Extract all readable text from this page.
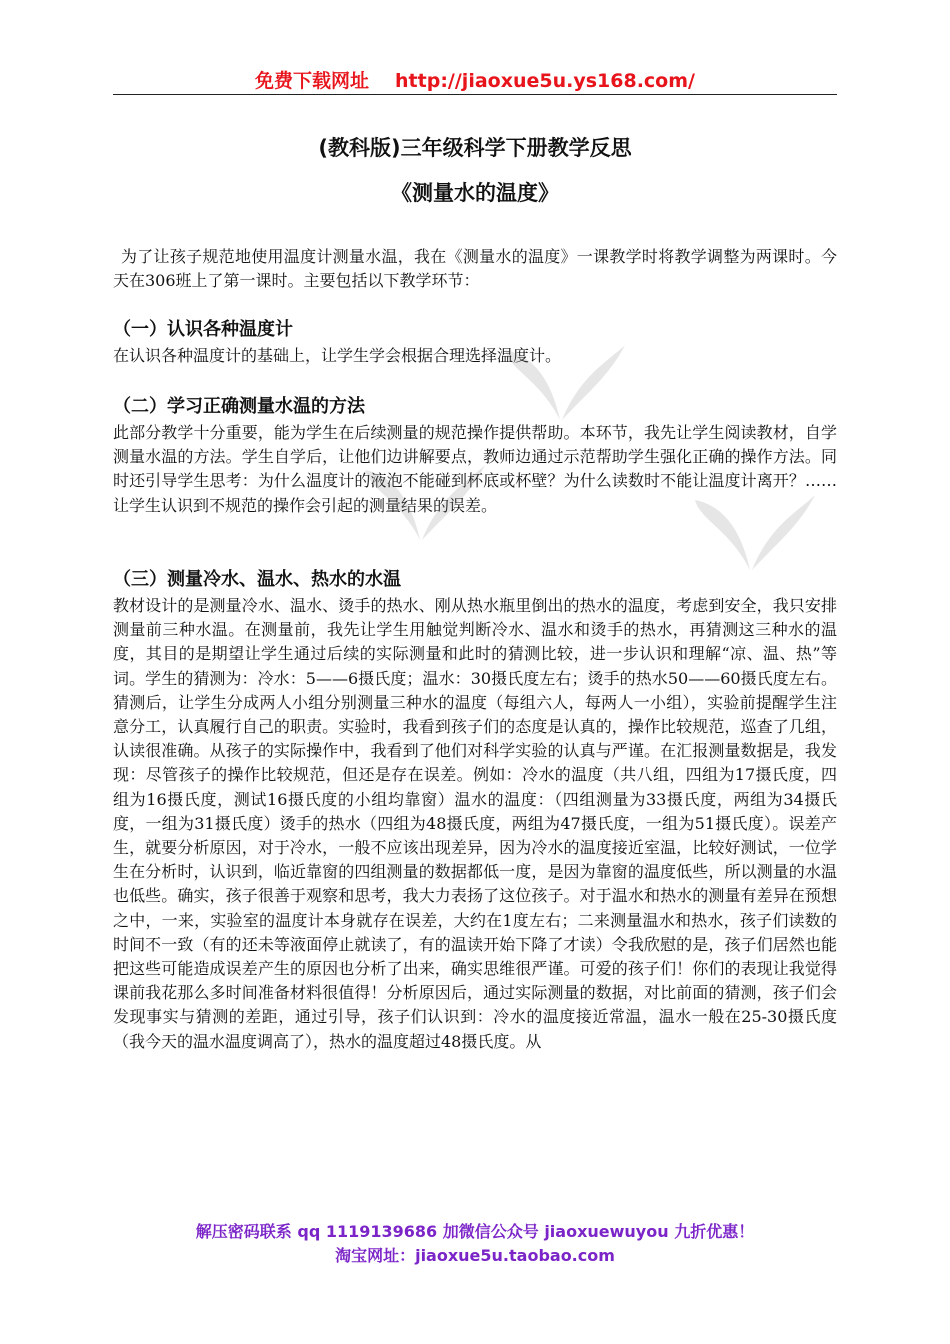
免费下载网址 http://jiaoxue5u.ys168.com/
(教科版)三年级科学下册教学反思
《测量水的温度》

为了让孩子规范地使用温度计测量水温，我在《测量水的温度》一课教学时将教学调整为两课时。今天在306班上了第一课时。主要包括以下教学环节：

（一）认识各种温度计

在认识各种温度计的基础上，让学生学会根据合理选择温度计。

（二）学习正确测量水温的方法

此部分教学十分重要，能为学生在后续测量的规范操作提供帮助。本环节，我先让学生阅读教材，自学测量水温的方法。学生自学后，让他们边讲解要点，教师边通过示范帮助学生强化正确的操作方法。同时还引导学生思考：为什么温度计的液泡不能碰到杯底或杯壁？为什么读数时不能让温度计离开？……让学生认识到不规范的操作会引起的测量结果的误差。

（三）测量冷水、温水、热水的水温

教材设计的是测量冷水、温水、烫手的热水、刚从热水瓶里倒出的热水的温度，考虑到安全，我只安排测量前三种水温。在测量前，我先让学生用触觉判断冷水、温水和烫手的热水，再猜测这三种水的温度，其目的是期望让学生通过后续的实际测量和此时的猜测比较，进一步认识和理解“凉、温、热”等词。学生的猜测为：冷水：5——6摄氏度；温水：30摄氏度左右；烫手的热水50——60摄氏度左右。猜测后，让学生分成两人小组分别测量三种水的温度（每组六人，每两人一小组），实验前提醒学生注意分工，认真履行自己的职责。实验时，我看到孩子们的态度是认真的，操作比较规范，巡查了几组，认读很准确。从孩子的实际操作中，我看到了他们对科学实验的认真与严谨。在汇报测量数据是，我发现：尽管孩子的操作比较规范，但还是存在误差。例如：冷水的温度（共八组，四组为17摄氏度，四组为16摄氏度，测试16摄氏度的小组均靠窗）温水的温度：（四组测量为33摄氏度，两组为34摄氏度，一组为31摄氏度）烫手的热水（四组为48摄氏度，两组为47摄氏度，一组为51摄氏度）。误差产生，就要分析原因，对于冷水，一般不应该出现差异，因为冷水的温度接近室温，比较好测试，一位学生在分析时，认识到，临近靠窗的四组测量的数据都低一度，是因为靠窗的温度低些，所以测量的水温也低些。确实，孩子很善于观察和思考，我大力表扬了这位孩子。对于温水和热水的测量有差异在预想之中，一来，实验室的温度计本身就存在误差，大约在1度左右；二来测量温水和热水，孩子们读数的时间不一致（有的还未等液面停止就读了，有的温读开始下降了才读）令我欣慰的是，孩子们居然也能把这些可能造成误差产生的原因也分析了出来，确实思维很严谨。可爱的孩子们！你们的表现让我觉得课前我花那么多时间准备材料很值得！分析原因后，通过实际测量的数据，对比前面的猜测，孩子们会发现事实与猜测的差距，通过引导，孩子们认识到：冷水的温度接近常温，温水一般在25-30摄氏度（我今天的温水温度调高了），热水的温度超过48摄氏度。从

解压密码联系 qq 1119139686 加微信公众号 jiaoxuewuyou 九折优惠！
淘宝网址：jiaoxue5u.taobao.com
